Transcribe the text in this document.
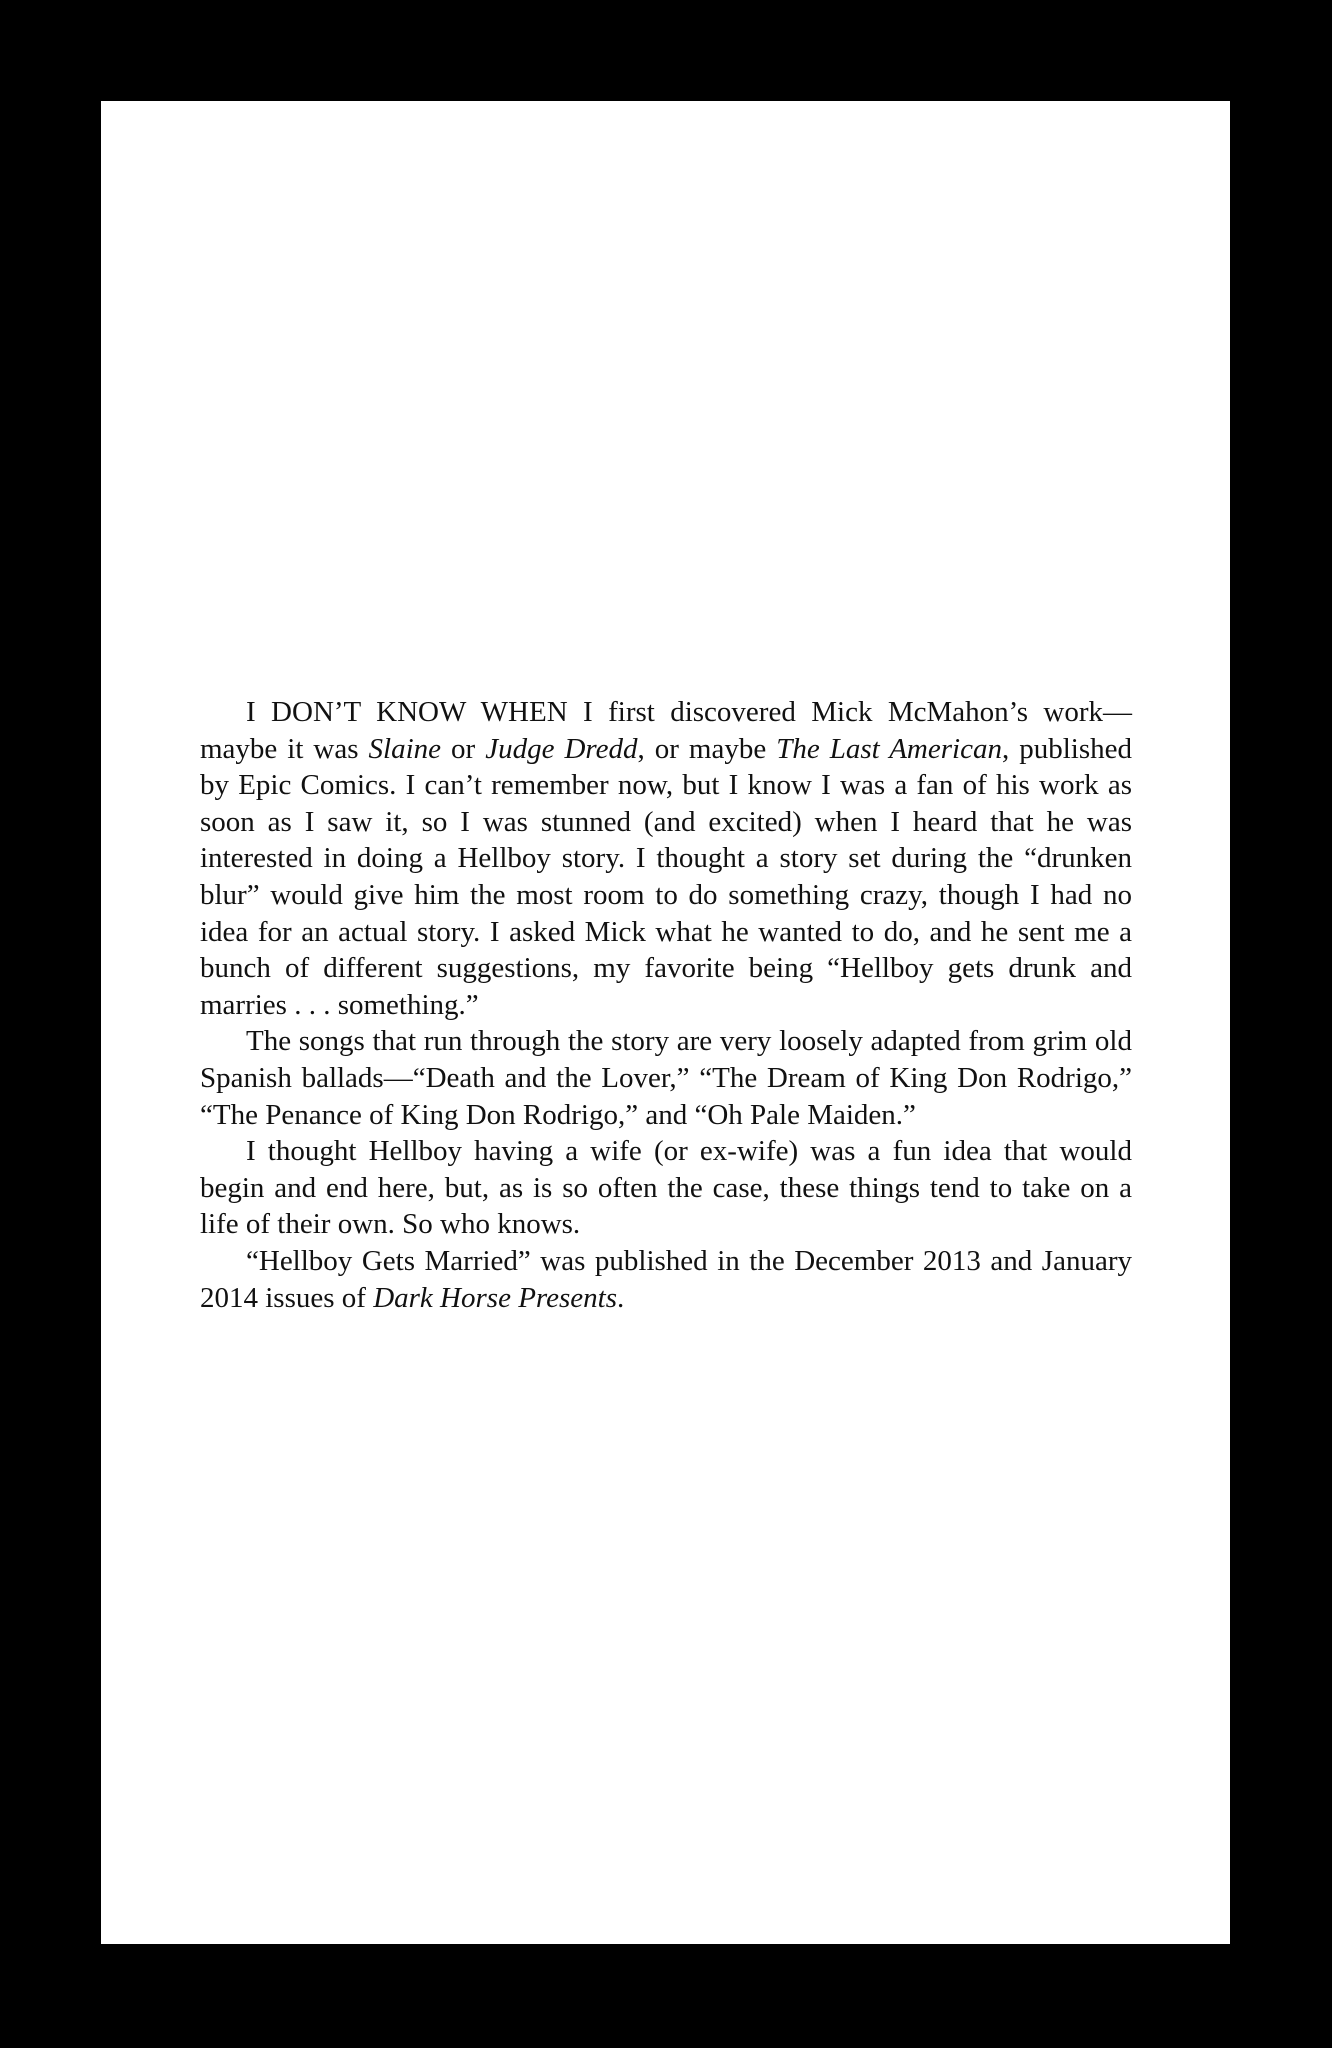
I DON’T KNOW WHEN I first discovered Mick McMahon’s work—maybe it was Slaine or Judge Dredd, or maybe The Last American, published by Epic Comics. I can’t remember now, but I know I was a fan of his work as soon as I saw it, so I was stunned (and excited) when I heard that he was interested in doing a Hellboy story. I thought a story set during the “drunken blur” would give him the most room to do something crazy, though I had no idea for an actual story. I asked Mick what he wanted to do, and he sent me a bunch of different suggestions, my favorite being “Hellboy gets drunk and marries . . . something.”

The songs that run through the story are very loosely adapted from grim old Spanish ballads—“Death and the Lover,” “The Dream of King Don Rodrigo,” “The Penance of King Don Rodrigo,” and “Oh Pale Maiden.”

I thought Hellboy having a wife (or ex-wife) was a fun idea that would begin and end here, but, as is so often the case, these things tend to take on a life of their own. So who knows.

“Hellboy Gets Married” was published in the December 2013 and January 2014 issues of Dark Horse Presents.
